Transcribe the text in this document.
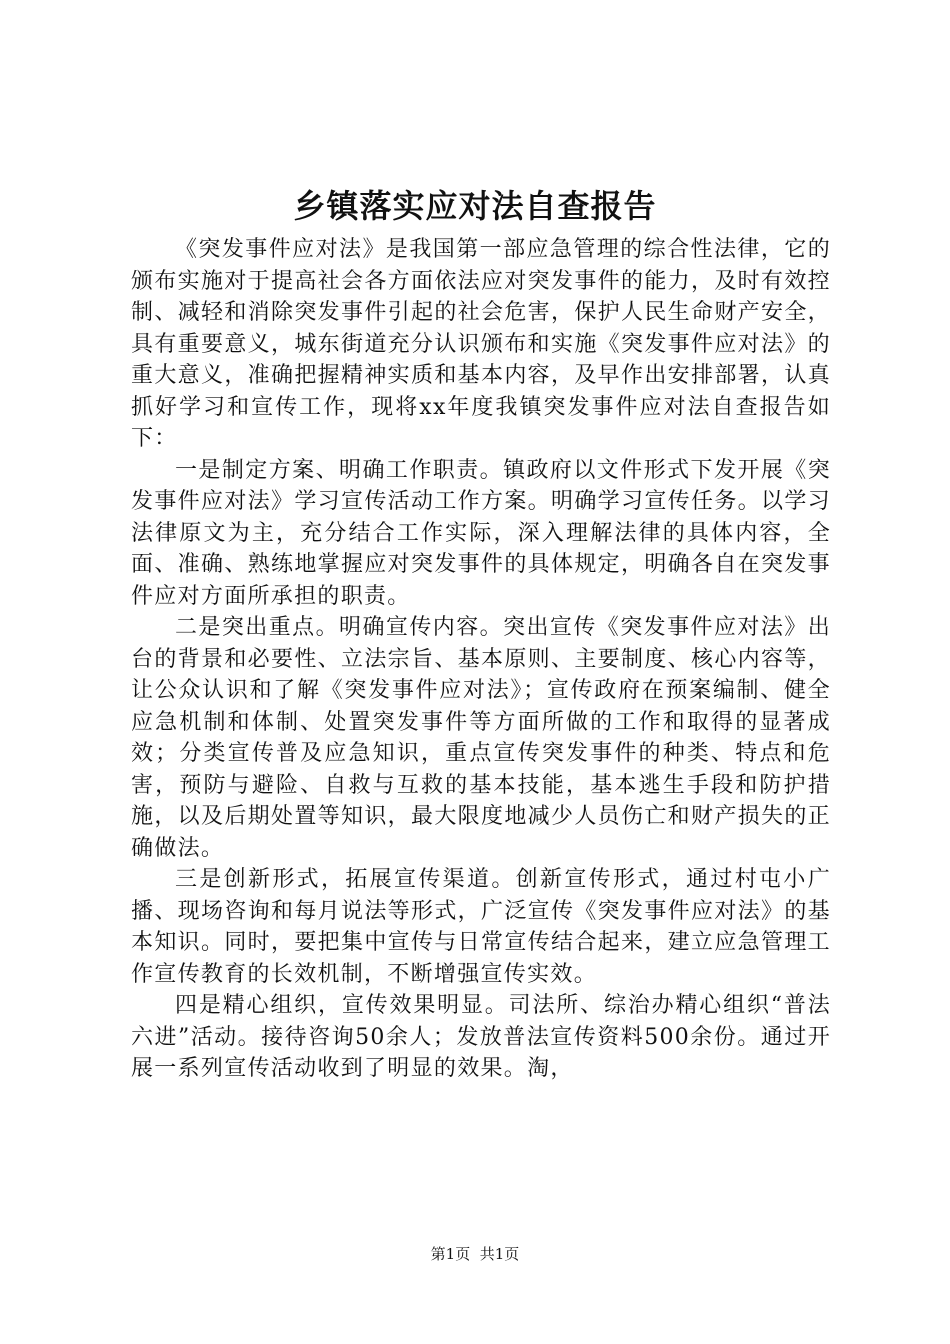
乡镇落实应对法自查报告

《突发事件应对法》是我国第一部应急管理的综合性法律，它的颁布实施对于提高社会各方面依法应对突发事件的能力，及时有效控制、减轻和消除突发事件引起的社会危害，保护人民生命财产安全，具有重要意义，城东街道充分认识颁布和实施《突发事件应对法》的重大意义，准确把握精神实质和基本内容，及早作出安排部署，认真抓好学习和宣传工作，现将xx年度我镇突发事件应对法自查报告如下：

一是制定方案、明确工作职责。镇政府以文件形式下发开展《突发事件应对法》学习宣传活动工作方案。明确学习宣传任务。以学习法律原文为主，充分结合工作实际，深入理解法律的具体内容，全面、准确、熟练地掌握应对突发事件的具体规定，明确各自在突发事件应对方面所承担的职责。

二是突出重点。明确宣传内容。突出宣传《突发事件应对法》出台的背景和必要性、立法宗旨、基本原则、主要制度、核心内容等，让公众认识和了解《突发事件应对法》；宣传政府在预案编制、健全应急机制和体制、处置突发事件等方面所做的工作和取得的显著成效；分类宣传普及应急知识，重点宣传突发事件的种类、特点和危害，预防与避险、自救与互救的基本技能，基本逃生手段和防护措施，以及后期处置等知识，最大限度地减少人员伤亡和财产损失的正确做法。

三是创新形式，拓展宣传渠道。创新宣传形式，通过村屯小广播、现场咨询和每月说法等形式，广泛宣传《突发事件应对法》的基本知识。同时，要把集中宣传与日常宣传结合起来，建立应急管理工作宣传教育的长效机制，不断增强宣传实效。

四是精心组织，宣传效果明显。司法所、综治办精心组织“普法六进”活动。接待咨询50余人；发放普法宣传资料500余份。通过开展一系列宣传活动收到了明显的效果。淘，

第1页 共1页
